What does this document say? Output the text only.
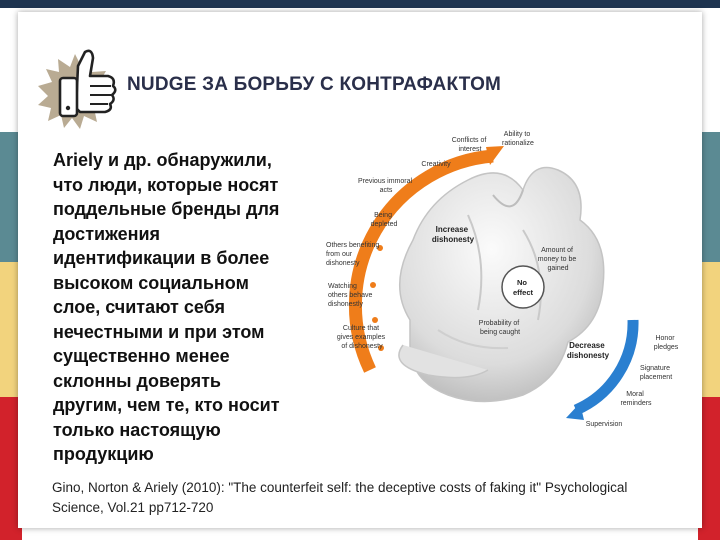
NUDGE ЗА БОРЬБУ С КОНТРАФАКТОМ
Ariely и др. обнаружили,
что люди, которые носят
поддельные бренды для
достижения
идентификации в более
высоком социальном
слое, считают себя
нечестными и при этом
существенно менее
склонны доверять
другим, чем те, кто носит
только настоящую
продукцию
No effect
Increase dishonesty
Decrease dishonesty
Conflicts of interest
Creativity
Previous immoral acts
Being depleted
Others benefiting from our dishonesty
Watching others behave dishonestly
Culture that gives examples of dishonesty
Ability to rationalize
Amount of money to be gained
Probability of being caught
Honor pledges
Signature placement
Moral reminders
Supervision
Gino, Norton & Ariely (2010): "The counterfeit self: the deceptive costs of faking it" Psychological
Science, Vol.21 pp712-720
